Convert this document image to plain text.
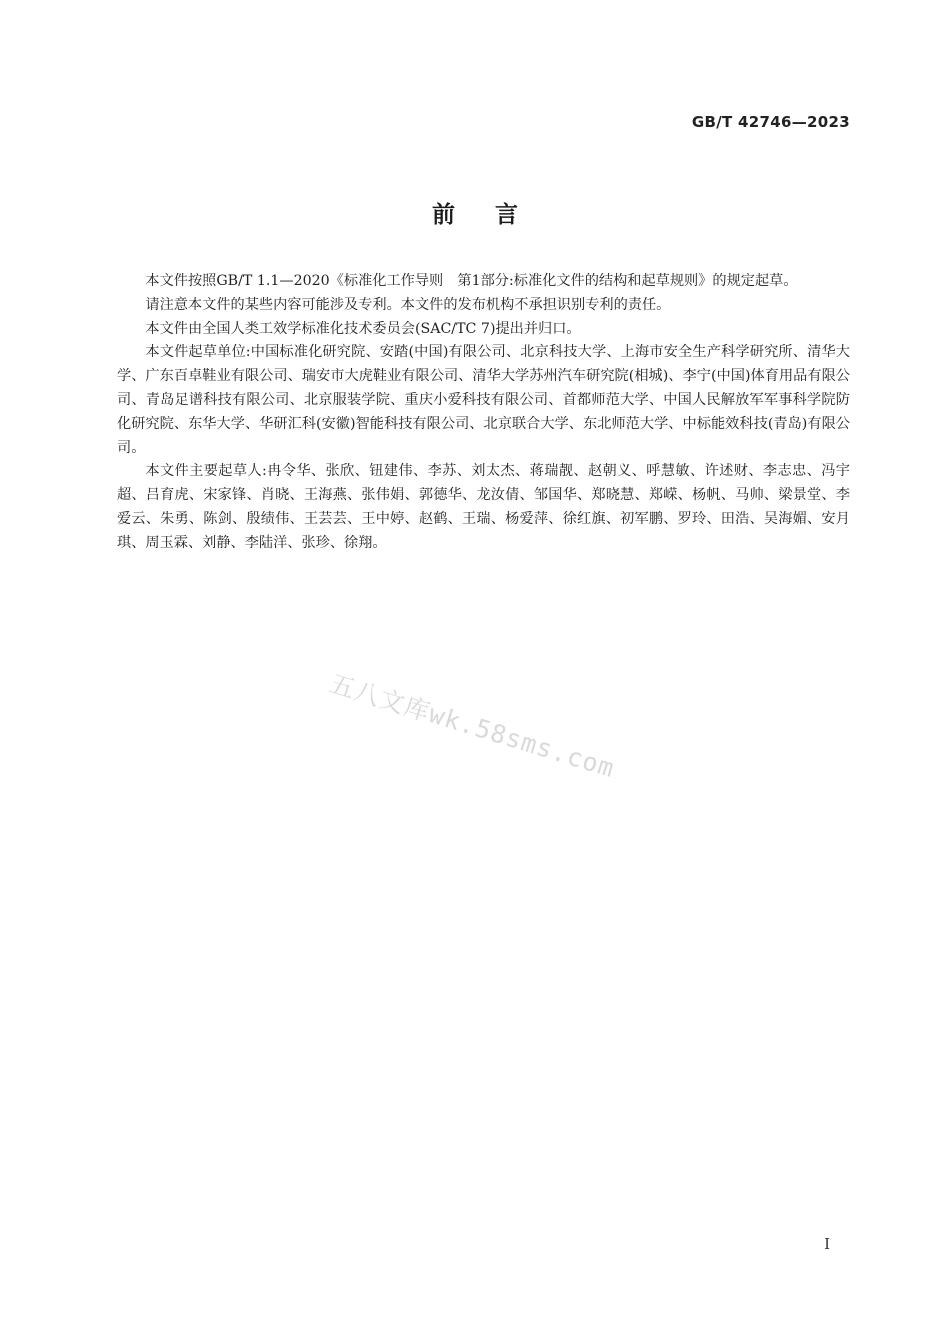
GB/T 42746—2023
前言

本文件按照GB/T 1.1—2020《标准化工作导则　第1部分:标准化文件的结构和起草规则》的规定起草。

请注意本文件的某些内容可能涉及专利。本文件的发布机构不承担识别专利的责任。

本文件由全国人类工效学标准化技术委员会(SAC/TC 7)提出并归口。

本文件起草单位:中国标准化研究院、安踏(中国)有限公司、北京科技大学、上海市安全生产科学研究所、清华大学、广东百卓鞋业有限公司、瑞安市大虎鞋业有限公司、清华大学苏州汽车研究院(相城)、李宁(中国)体育用品有限公司、青岛足谱科技有限公司、北京服装学院、重庆小爱科技有限公司、首都师范大学、中国人民解放军军事科学院防化研究院、东华大学、华研汇科(安徽)智能科技有限公司、北京联合大学、东北师范大学、中标能效科技(青岛)有限公司。

本文件主要起草人:冉令华、张欣、钮建伟、李苏、刘太杰、蒋瑞靓、赵朝义、呼慧敏、许述财、李志忠、冯宇超、吕育虎、宋家锋、肖晓、王海燕、张伟娟、郭德华、龙汝倩、邹国华、郑晓慧、郑嵘、杨帆、马帅、梁景堂、李爱云、朱勇、陈剑、殷绩伟、王芸芸、王中婷、赵鹤、王瑞、杨爱萍、徐红旗、初军鹏、罗玲、田浩、吴海媚、安月琪、周玉霖、刘静、李陆洋、张珍、徐翔。

五八文库wk.58sms.com
I
